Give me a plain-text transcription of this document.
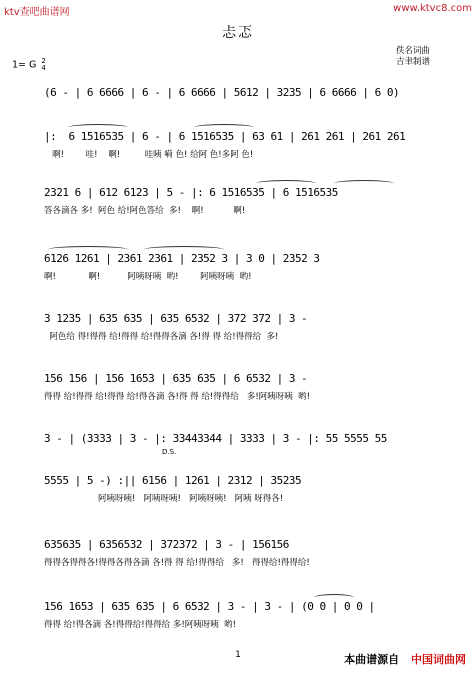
ktv查吧曲谱网	www.ktvc8.com
忐忑
佚名词曲
吉聿制谱
1= G 2
4
(6 - | 6 6666 | 6 - | 6 6666 | 5612 | 3235 | 6 6666 | 6 0)
|:  6 1516535 | 6 - | 6 1516535 | 63 61 | 261 261 | 261 261
啊!        哇!    啊!         哇咦 嗬 色! 给阿 色!多阿 色!
2321 6 | 612 6123 | 5 - |: 6 1516535 | 6 1516535
答各滴各 多!  阿色 给!阿色答给  多!    啊!           啊!
6126 1261 | 2361 2361 | 2352 3 | 3 0 | 2352 3
啊!            啊!          阿咦呀咦  哟!        阿咦呀咦  哟!
3 1235 | 635 635 | 635 6532 | 372 372 | 3 -
阿色给 得!得得 给!得得 给!得得各滴 各!得 得 给!得得给  多!
156 156 | 156 1653 | 635 635 | 6 6532 | 3 -
得得 给!得得 给!得得 给!得各滴 各!得 得 给!得得给   多!阿咦呀咦  哟!
3 - | (3333 | 3 - |: 33443344 | 3333 | 3 - |: 55 5555 55
D.S.
5555 | 5 -) :|| 6156 | 1261 | 2312 | 35235
阿咦呀咦!   阿咦呀咦!   阿咦呀咦!   阿咦 呀得各!
635635 | 6356532 | 372372 | 3 - | 156156
得得各得得各!得得各得各滴 各!得 得 给!得得给   多!   得得给!得得给!
156 1653 | 635 635 | 6 6532 | 3 - | 3 - | (0 0 | 0 0 |
得得 给!得各滴 各!得得给!得得给 多!阿咦呀咦  哟!
1	本曲谱源自 中国词曲网
